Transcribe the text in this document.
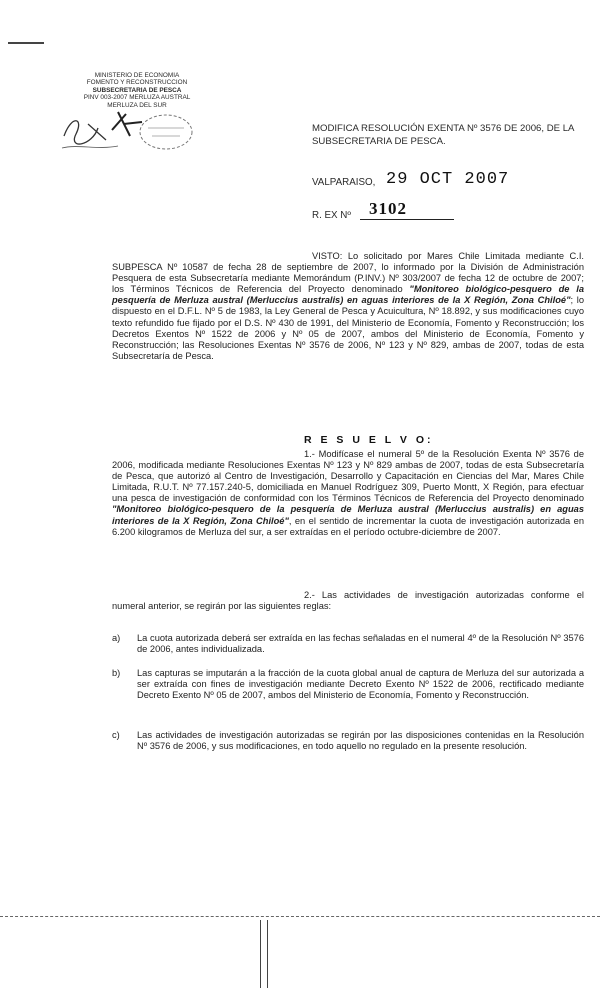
MINISTERIO DE ECONOMIA
FOMENTO Y RECONSTRUCCION
SUBSECRETARIA DE PESCA
PINV 003-2007 MERLUZA AUSTRAL
MERLUZA DEL SUR
MODIFICA RESOLUCIÓN EXENTA Nº 3576 DE 2006, DE LA SUBSECRETARIA DE PESCA.
VALPARAISO, 29 OCT 2007
R. EX Nº 3102
VISTO: Lo solicitado por Mares Chile Limitada mediante C.I. SUBPESCA Nº 10587 de fecha 28 de septiembre de 2007, lo informado por la División de Administración Pesquera de esta Subsecretaría mediante Memorándum (P.INV.) Nº 303/2007 de fecha 12 de octubre de 2007; los Términos Técnicos de Referencia del Proyecto denominado "Monitoreo biológico-pesquero de la pesquería de Merluza austral (Merluccius australis) en aguas interiores de la X Región, Zona Chiloé"; lo dispuesto en el D.F.L. Nº 5 de 1983, la Ley General de Pesca y Acuicultura, Nº 18.892, y sus modificaciones cuyo texto refundido fue fijado por el D.S. Nº 430 de 1991, del Ministerio de Economía, Fomento y Reconstrucción; los Decretos Exentos Nº 1522 de 2006 y Nº 05 de 2007, ambos del Ministerio de Economía, Fomento y Reconstrucción; las Resoluciones Exentas Nº 3576 de 2006, Nº 123 y Nº 829, ambas de 2007, todas de esta Subsecretaría de Pesca.
R E S U E L V O:
1.- Modifícase el numeral 5º de la Resolución Exenta Nº 3576 de 2006, modificada mediante Resoluciones Exentas Nº 123 y Nº 829 ambas de 2007, todas de esta Subsecretaría de Pesca, que autorizó al Centro de Investigación, Desarrollo y Capacitación en Ciencias del Mar, Mares Chile Limitada, R.U.T. Nº 77.157.240-5, domiciliada en Manuel Rodríguez 309, Puerto Montt, X Región, para efectuar una pesca de investigación de conformidad con los Términos Técnicos de Referencia del Proyecto denominado "Monitoreo biológico-pesquero de la pesquería de Merluza austral (Merluccius australis) en aguas interiores de la X Región, Zona Chiloé", en el sentido de incrementar la cuota de investigación autorizada en 6.200 kilogramos de Merluza del sur, a ser extraídas en el período octubre-diciembre de 2007.
2.- Las actividades de investigación autorizadas conforme el numeral anterior, se regirán por las siguientes reglas:
a) La cuota autorizada deberá ser extraída en las fechas señaladas en el numeral 4º de la Resolución Nº 3576 de 2006, antes individualizada.
b) Las capturas se imputarán a la fracción de la cuota global anual de captura de Merluza del sur autorizada a ser extraída con fines de investigación mediante Decreto Exento Nº 1522 de 2006, rectificado mediante Decreto Exento Nº 05 de 2007, ambos del Ministerio de Economía, Fomento y Reconstrucción.
c) Las actividades de investigación autorizadas se regirán por las disposiciones contenidas en la Resolución Nº 3576 de 2006, y sus modificaciones, en todo aquello no regulado en la presente resolución.
